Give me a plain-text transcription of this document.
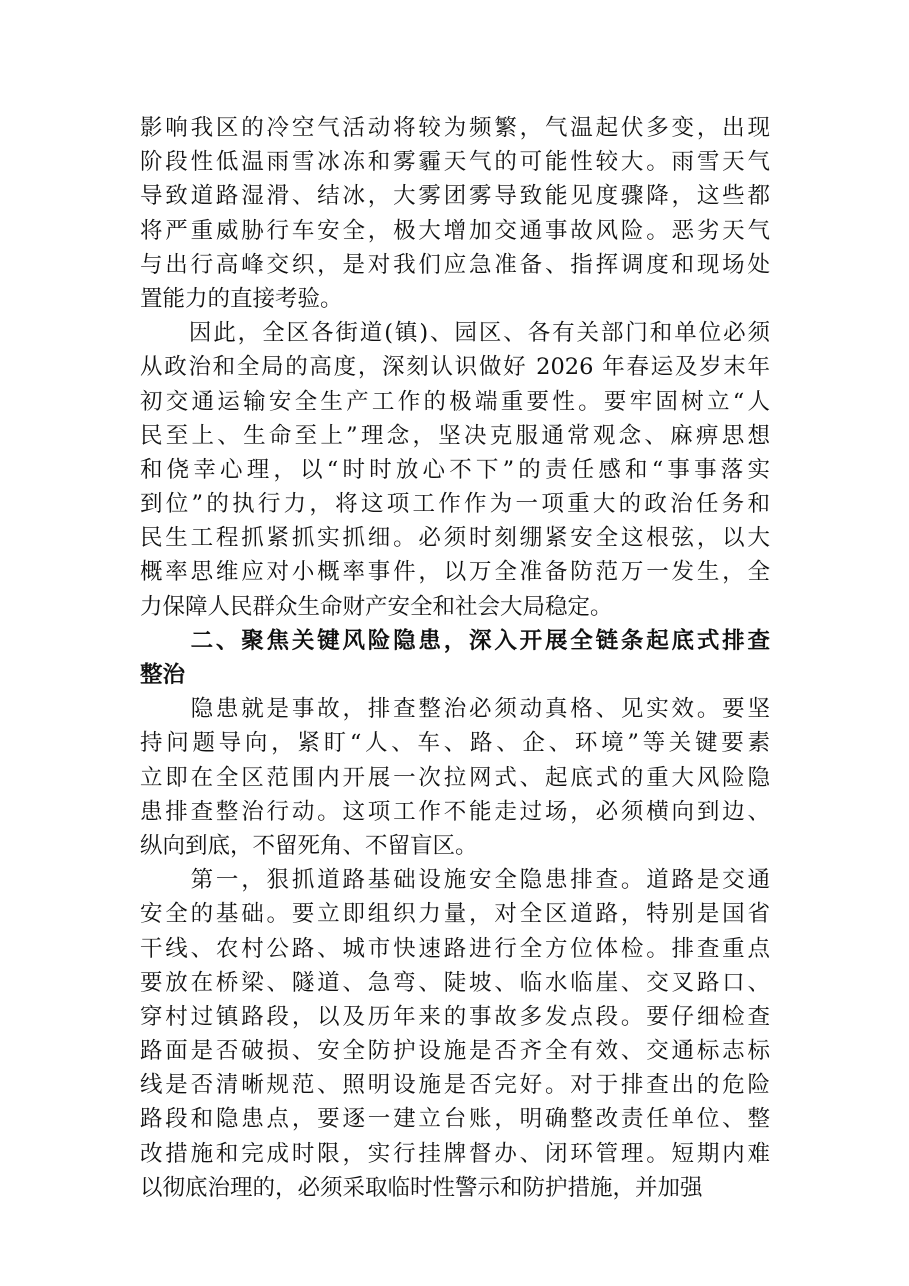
影响我区的冷空气活动将较为频繁，气温起伏多变，出现
阶段性低温雨雪冰冻和雾霾天气的可能性较大。雨雪天气
导致道路湿滑、结冰，大雾团雾导致能见度骤降，这些都
将严重威胁行车安全，极大增加交通事故风险。恶劣天气
与出行高峰交织，是对我们应急准备、指挥调度和现场处
置能力的直接考验。

　　因此，全区各街道(镇)、园区、各有关部门和单位必须
从政治和全局的高度，深刻认识做好 2026 年春运及岁末年
初交通运输安全生产工作的极端重要性。要牢固树立“人
民至上、生命至上”理念，坚决克服通常观念、麻痹思想
和侥幸心理，以“时时放心不下”的责任感和“事事落实
到位”的执行力，将这项工作作为一项重大的政治任务和
民生工程抓紧抓实抓细。必须时刻绷紧安全这根弦，以大
概率思维应对小概率事件，以万全准备防范万一发生，全
力保障人民群众生命财产安全和社会大局稳定。

　　二、聚焦关键风险隐患，深入开展全链条起底式排查
整治

　　隐患就是事故，排查整治必须动真格、见实效。要坚
持问题导向，紧盯“人、车、路、企、环境”等关键要素
立即在全区范围内开展一次拉网式、起底式的重大风险隐
患排查整治行动。这项工作不能走过场，必须横向到边、
纵向到底，不留死角、不留盲区。

　　第一，狠抓道路基础设施安全隐患排查。道路是交通
安全的基础。要立即组织力量，对全区道路，特别是国省
干线、农村公路、城市快速路进行全方位体检。排查重点
要放在桥梁、隧道、急弯、陡坡、临水临崖、交叉路口、
穿村过镇路段，以及历年来的事故多发点段。要仔细检查
路面是否破损、安全防护设施是否齐全有效、交通标志标
线是否清晰规范、照明设施是否完好。对于排查出的危险
路段和隐患点，要逐一建立台账，明确整改责任单位、整
改措施和完成时限，实行挂牌督办、闭环管理。短期内难
以彻底治理的，必须采取临时性警示和防护措施，并加强
